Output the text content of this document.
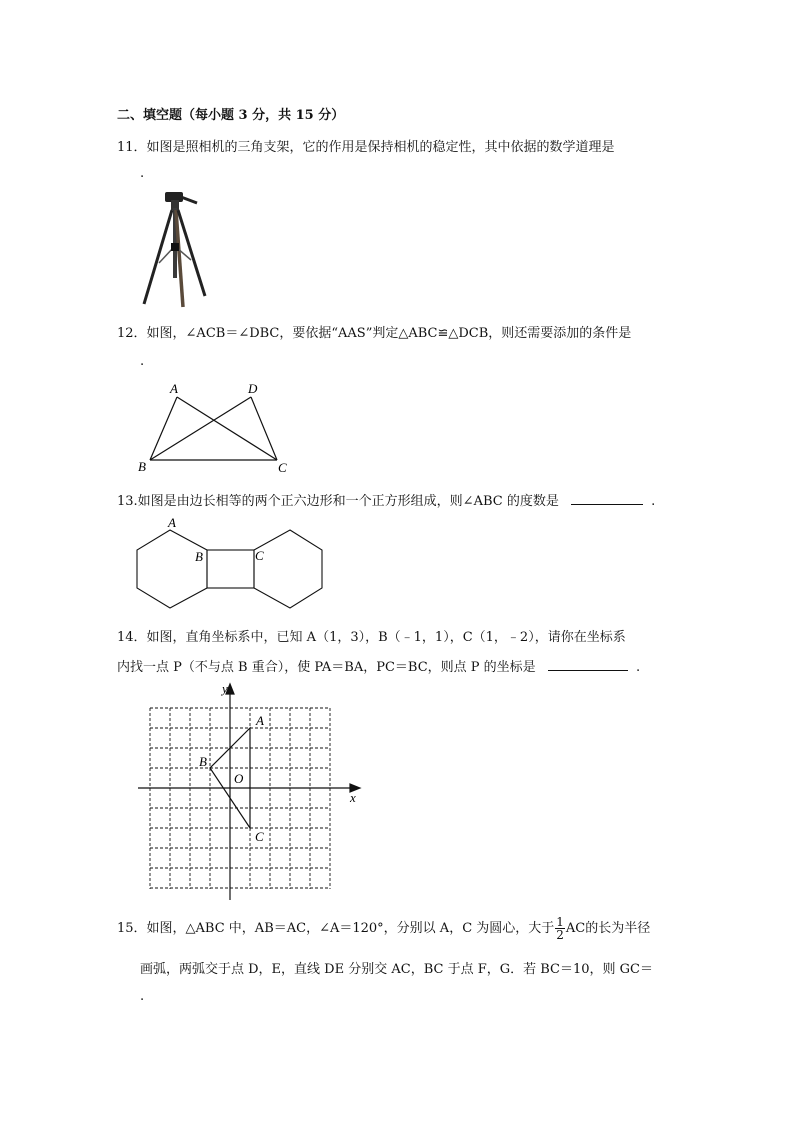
二、填空题（每小题 3 分，共 15 分）
11．如图是照相机的三角支架，它的作用是保持相机的稳定性，其中依据的数学道理是
.
12．如图，∠ACB＝∠DBC，要依据“AAS”判定△ABC≌△DCB，则还需要添加的条件是
.
A	D
B	C
13.如图是由边长相等的两个正六边形和一个正方形组成，则∠ABC 的度数是	.
A
B	C
14．如图，直角坐标系中，已知 A（1，3），B（﹣1，1），C（1，﹣2），请你在坐标系
内找一点 P（不与点 B 重合），使 PA＝BA，PC＝BC，则点 P 的坐标是	.
y
x
A
B
O
C
15．如图，△ABC 中，AB＝AC，∠A＝120°，分别以 A，C 为圆心，大于 $\frac{1}{2}$ AC的长为半径
画弧，两弧交于点 D，E，直线 DE 分别交 AC，BC 于点 F，G．若 BC＝10，则 GC＝
.
